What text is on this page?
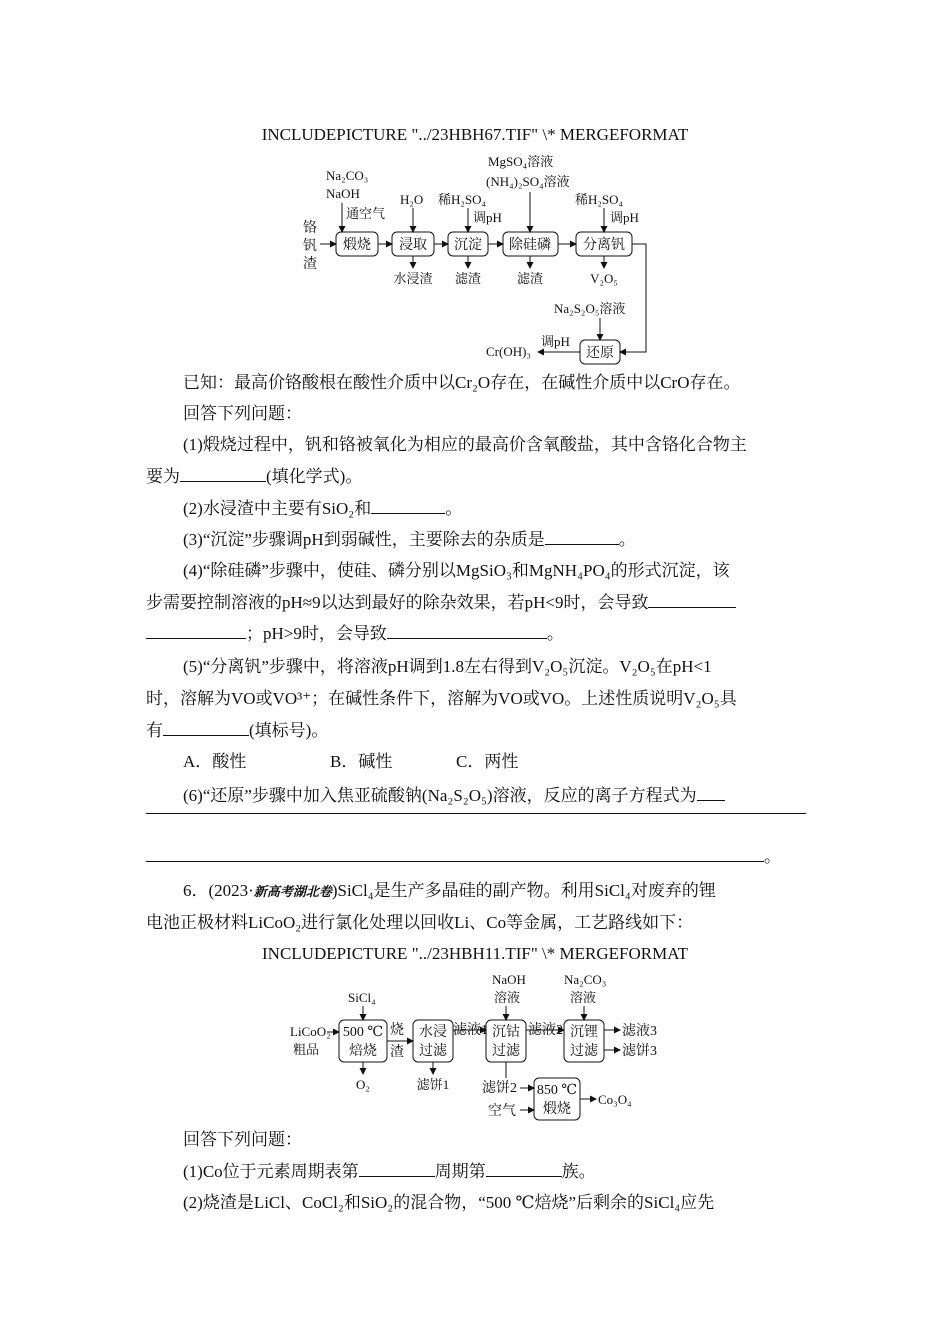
INCLUDEPICTURE "../23HBH67.TIF" \* MERGEFORMAT
铬
钒
渣
Na₂CO₃
NaOH
通空气
煅烧
H₂O
浸取
水浸渣
稀H₂SO₄
调pH
沉淀
滤渣
MgSO₄溶液
(NH₄)₂SO₄溶液
除硅磷
滤渣
稀H₂SO₄
调pH
分离钒
V₂O₅
Na₂S₂O₅溶液
还原
调pH
Cr(OH)₃
已知：最高价铬酸根在酸性介质中以Cr₂O存在，在碱性介质中以CrO存在。
回答下列问题：
(1)煅烧过程中，钒和铬被氧化为相应的最高价含氧酸盐，其中含铬化合物主
要为	(填化学式)。
(2)水浸渣中主要有SiO₂和	。
(3)“沉淀”步骤调pH到弱碱性，主要除去的杂质是	。
(4)“除硅磷”步骤中，使硅、磷分别以MgSiO₃和MgNH₄PO₄的形式沉淀，该
步需要控制溶液的pH≈9以达到最好的除杂效果，若pH<9时，会导致
；pH>9时，会导致	。
(5)“分离钒”步骤中，将溶液pH调到1.8左右得到V₂O₅沉淀。V₂O₅在pH<1
时，溶解为VO或VO³⁺；在碱性条件下，溶解为VO或VO。上述性质说明V₂O₅具
有	(填标号)。
A．酸性	B．碱性	C．两性
(6)“还原”步骤中加入焦亚硫酸钠(Na₂S₂O₅)溶液，反应的离子方程式为
。
6．(2023·新高考湖北卷)SiCl₄是生产多晶硅的副产物。利用SiCl₄对废弃的锂
电池正极材料LiCoO₂进行氯化处理以回收Li、Co等金属，工艺路线如下：
INCLUDEPICTURE "../23HBH11.TIF" \* MERGEFORMAT
LiCoO₂
粗品
SiCl₄
500 ℃
焙烧
O₂
烧
渣
水浸
过滤
滤饼1
滤液1
NaOH
溶液
沉钴
过滤
滤液2
Na₂CO₃
溶液
沉锂
过滤
滤液3
滤饼3
滤饼2
空气
850 ℃
煅烧
Co₃O₄
回答下列问题：
(1)Co位于元素周期表第	周期第	族。
(2)烧渣是LiCl、CoCl₂和SiO₂的混合物，“500 ℃焙烧”后剩余的SiCl₄应先
